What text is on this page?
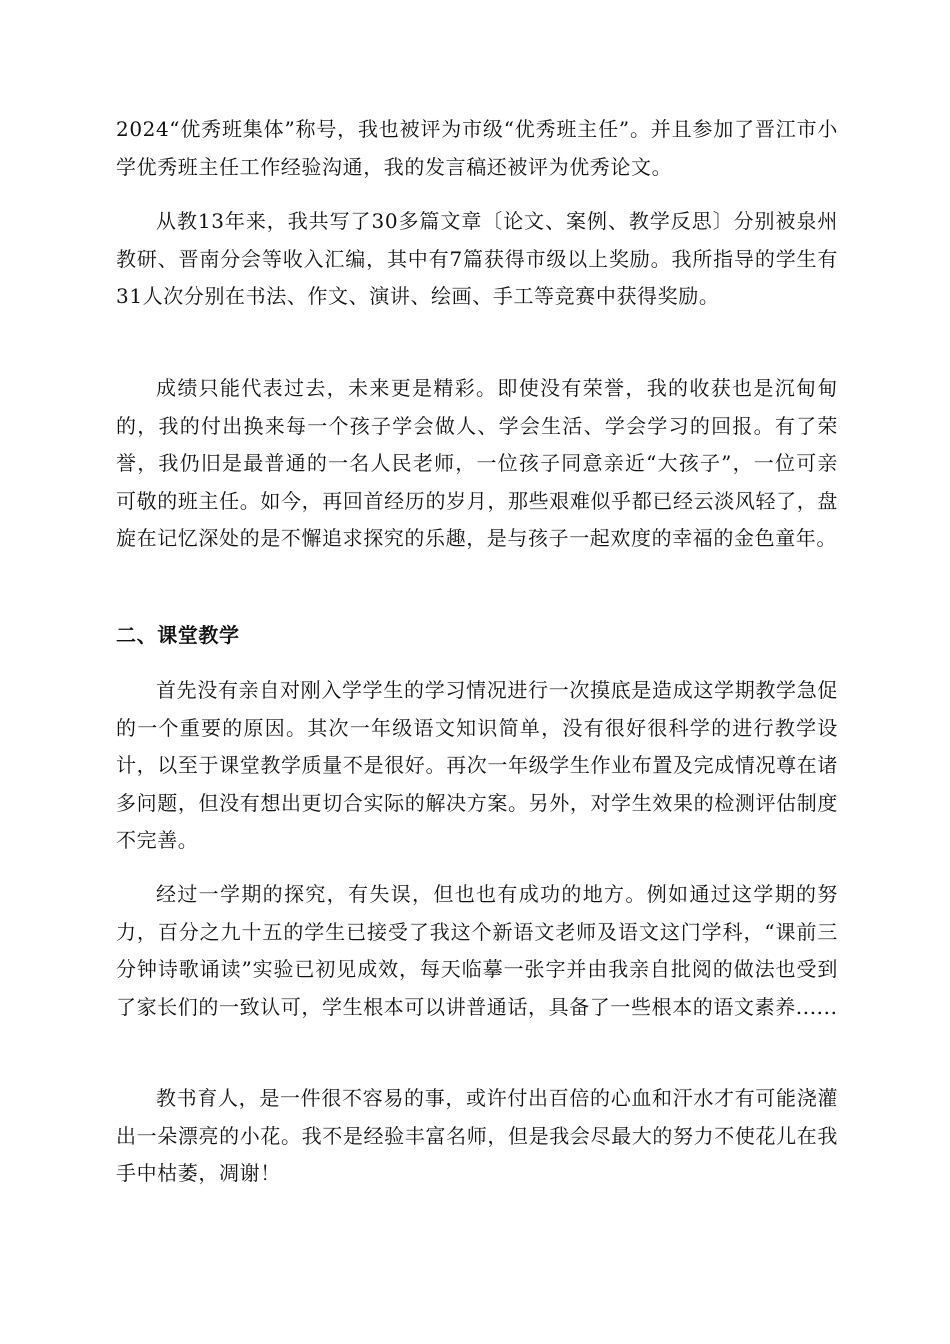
2024“优秀班集体”称号，我也被评为市级“优秀班主任”。并且参加了晋江市小学优秀班主任工作经验沟通，我的发言稿还被评为优秀论文。

从教13年来，我共写了30多篇文章〔论文、案例、教学反思〕分别被泉州教研、晋南分会等收入汇编，其中有7篇获得市级以上奖励。我所指导的学生有31人次分别在书法、作文、演讲、绘画、手工等竞赛中获得奖励。

成绩只能代表过去，未来更是精彩。即使没有荣誉，我的收获也是沉甸甸的，我的付出换来每一个孩子学会做人、学会生活、学会学习的回报。有了荣誉，我仍旧是最普通的一名人民老师，一位孩子同意亲近“大孩子”，一位可亲可敬的班主任。如今，再回首经历的岁月，那些艰难似乎都已经云淡风轻了，盘旋在记忆深处的是不懈追求探究的乐趣，是与孩子一起欢度的幸福的金色童年。

二、课堂教学

首先没有亲自对刚入学学生的学习情况进行一次摸底是造成这学期教学急促的一个重要的原因。其次一年级语文知识简单，没有很好很科学的进行教学设计，以至于课堂教学质量不是很好。再次一年级学生作业布置及完成情况尊在诸多问题，但没有想出更切合实际的解决方案。另外，对学生效果的检测评估制度不完善。

经过一学期的探究，有失误，但也也有成功的地方。例如通过这学期的努力，百分之九十五的学生已接受了我这个新语文老师及语文这门学科，“课前三分钟诗歌诵读”实验已初见成效，每天临摹一张字并由我亲自批阅的做法也受到了家长们的一致认可，学生根本可以讲普通话，具备了一些根本的语文素养......

教书育人，是一件很不容易的事，或许付出百倍的心血和汗水才有可能浇灌出一朵漂亮的小花。我不是经验丰富名师，但是我会尽最大的努力不使花儿在我手中枯萎，凋谢！
